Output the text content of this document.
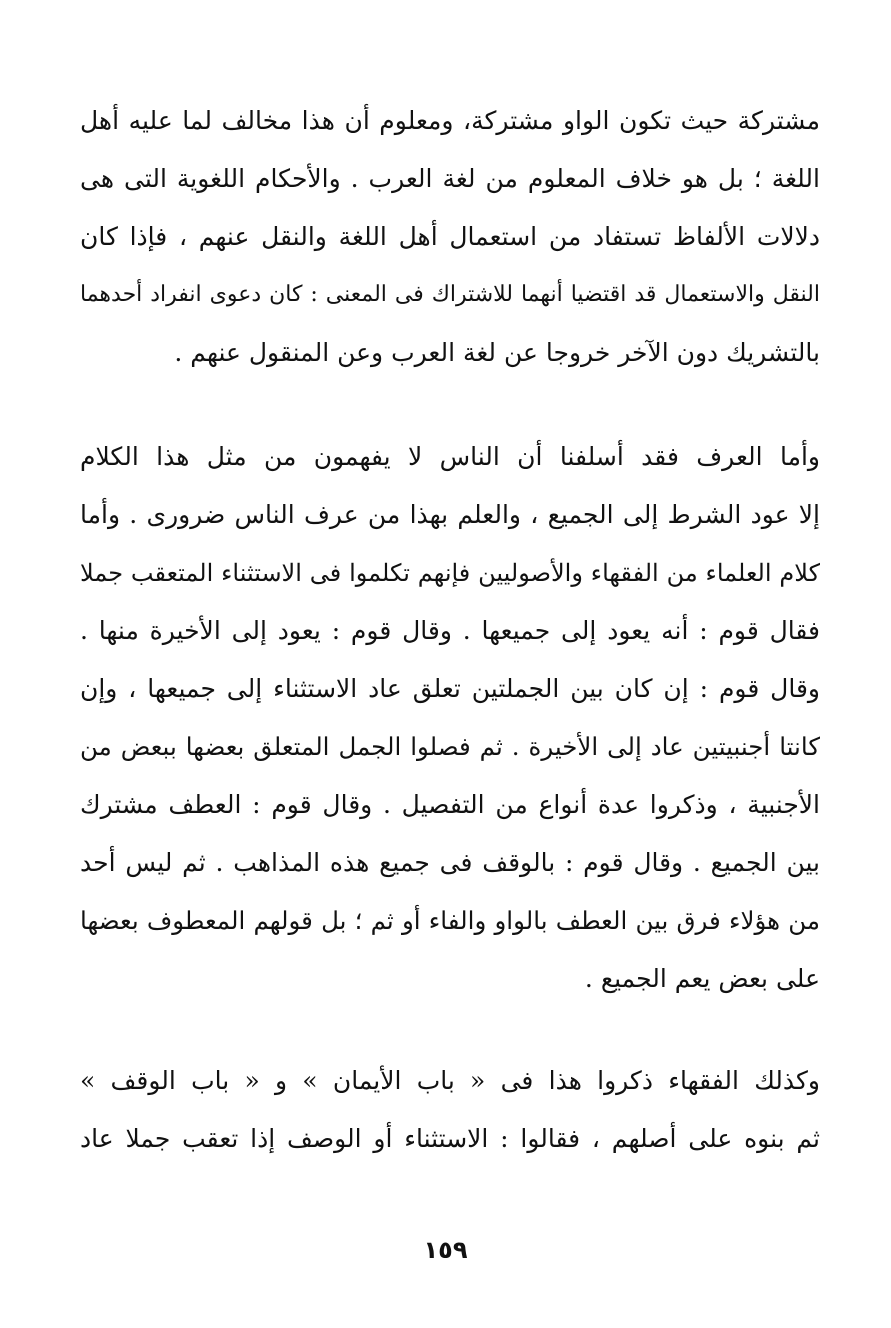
مشتركة حيث تكون الواو مشتركة، ومعلوم أن هذا مخالف لما عليه أهل
اللغة ؛ بل هو خلاف المعلوم من لغة العرب . والأحكام اللغوية التى هى
دلالات الألفاظ تستفاد من استعمال أهل اللغة والنقل عنهم ، فإذا كان
النقل والاستعمال قد اقتضيا أنهما للاشتراك فى المعنى : كان دعوى انفراد أحدهما
بالتشريك دون الآخر خروجا عن لغة العرب وعن المنقول عنهم .
وأما العرف فقد أسلفنا أن الناس لا يفهمون من مثل هذا الكلام
إلا عود الشرط إلى الجميع ، والعلم بهذا من عرف الناس ضرورى . وأما
كلام العلماء من الفقهاء والأصوليين فإنهم تكلموا فى الاستثناء المتعقب جملا
فقال قوم : أنه يعود إلى جميعها . وقال قوم : يعود إلى الأخيرة منها .
وقال قوم : إن كان بين الجملتين تعلق عاد الاستثناء إلى جميعها ، وإن
كانتا أجنبيتين عاد إلى الأخيرة . ثم فصلوا الجمل المتعلق بعضها ببعض من
الأجنبية ، وذكروا عدة أنواع من التفصيل . وقال قوم : العطف مشترك
بين الجميع . وقال قوم : بالوقف فى جميع هذه المذاهب . ثم ليس أحد
من هؤلاء فرق بين العطف بالواو والفاء أو ثم ؛ بل قولهم المعطوف بعضها
على بعض يعم الجميع .
وكذلك الفقهاء ذكروا هذا فى « باب الأيمان » و « باب الوقف »
ثم بنوه على أصلهم ، فقالوا : الاستثناء أو الوصف إذا تعقب جملا عاد
١٥٩
